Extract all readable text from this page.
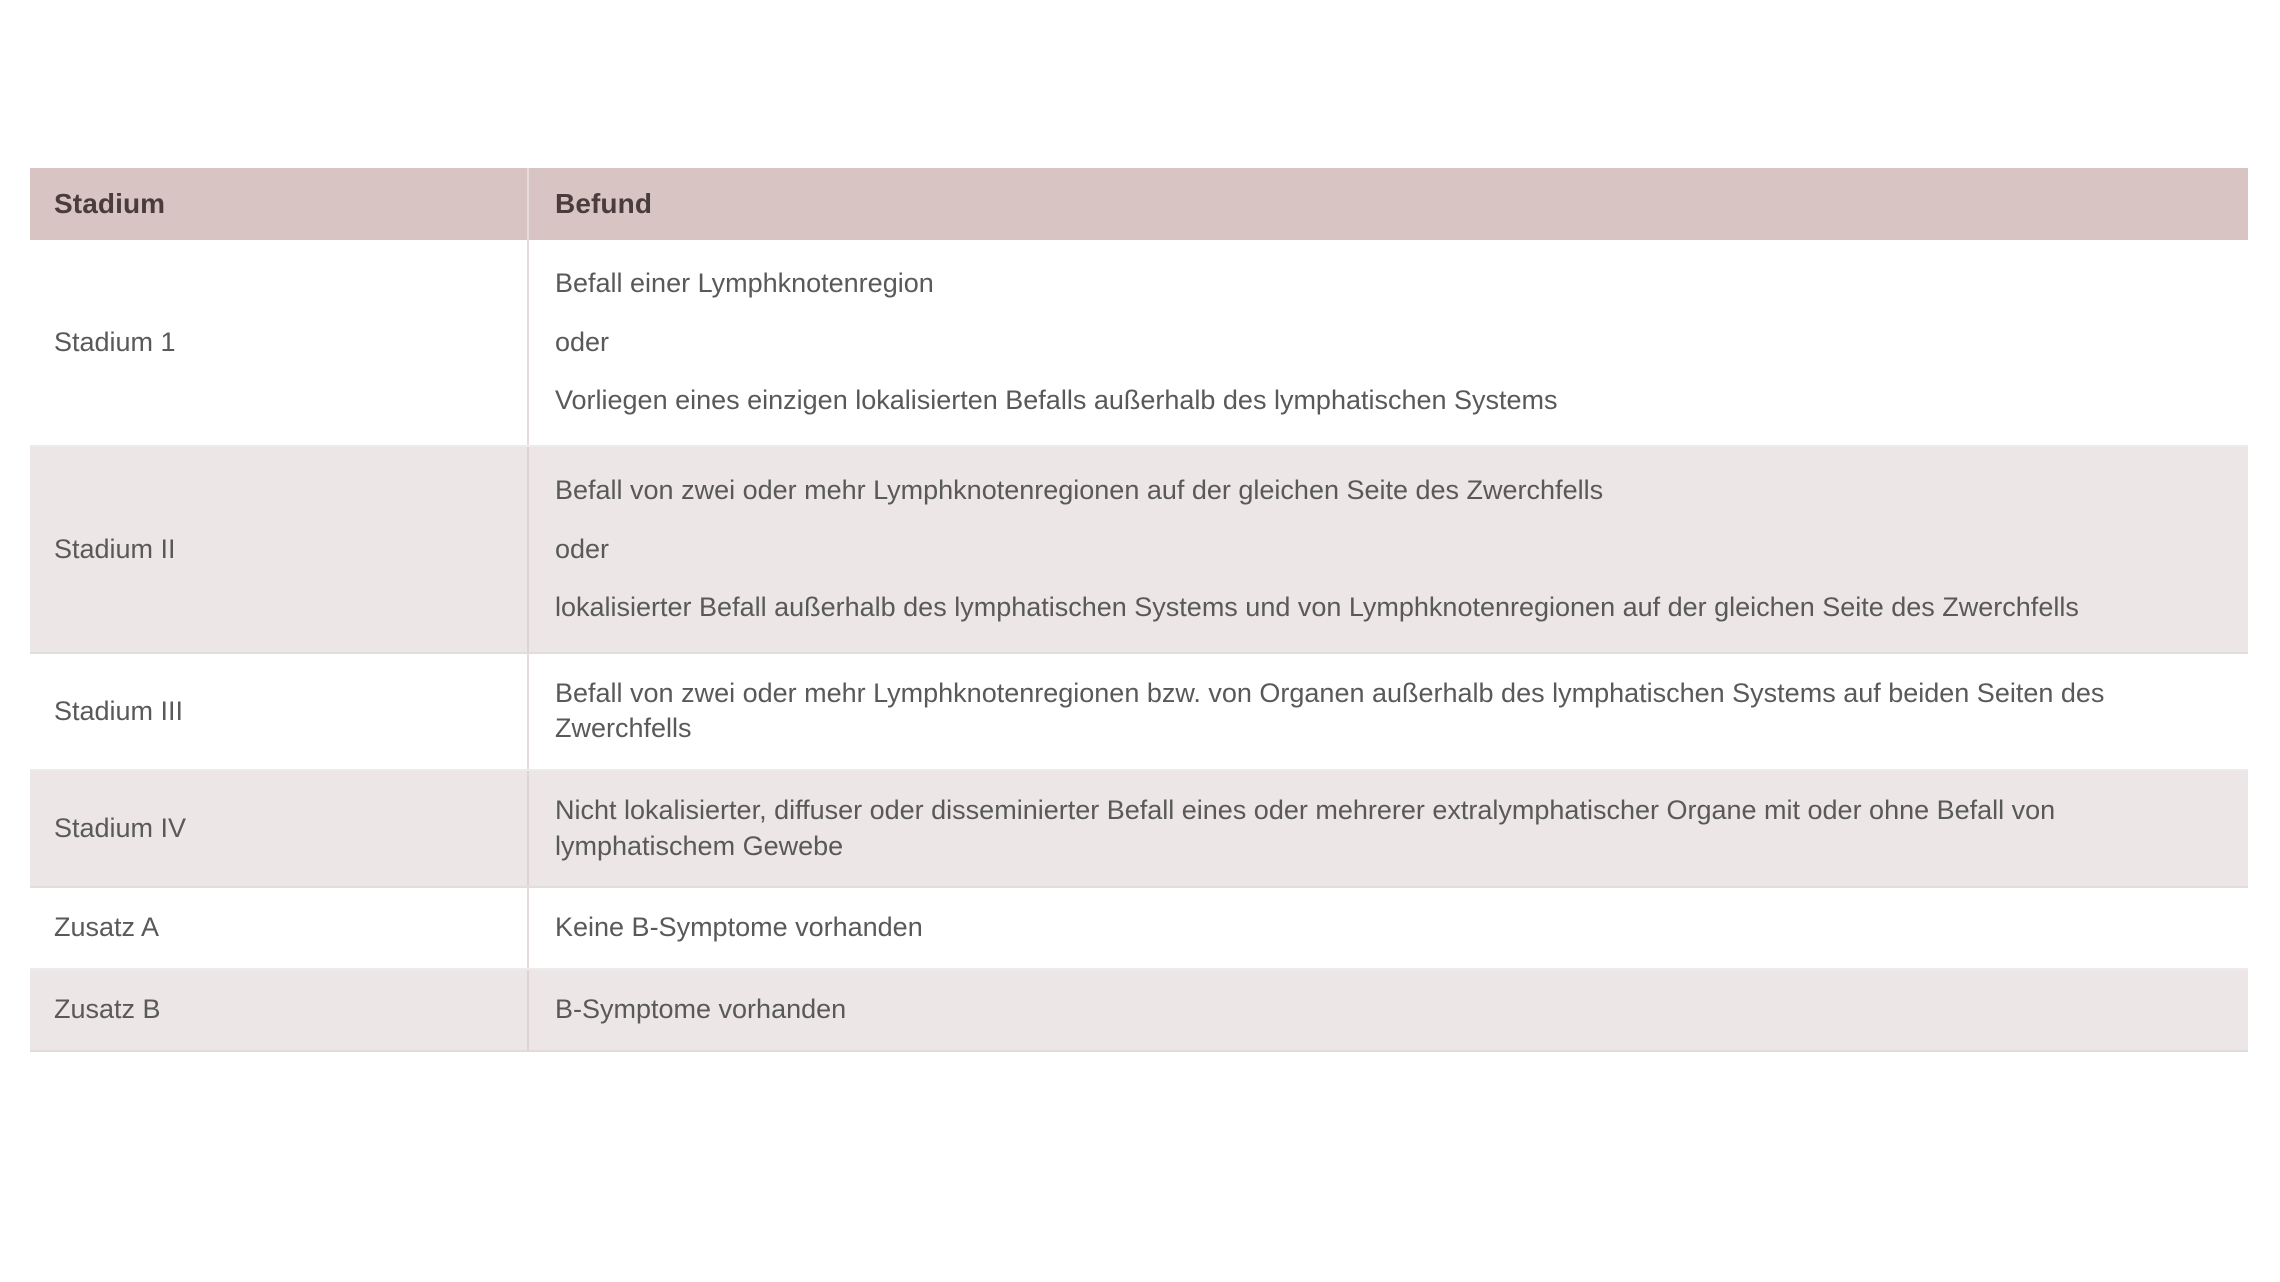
Stadium	Befund
Stadium 1	Befall einer Lymphknotenregion

oder

Vorliegen eines einzigen lokalisierten Befalls außerhalb des lymphatischen Systems

Stadium II	Befall von zwei oder mehr Lymphknotenregionen auf der gleichen Seite des Zwerchfells

oder

lokalisierter Befall außerhalb des lymphatischen Systems und von Lymphknotenregionen auf der gleichen Seite des Zwerchfells

Stadium III	Befall von zwei oder mehr Lymphknotenregionen bzw. von Organen außerhalb des lymphatischen Systems auf beiden Seiten des Zwerchfells

Stadium IV	Nicht lokalisierter, diffuser oder disseminierter Befall eines oder mehrerer extralymphatischer Organe mit oder ohne Befall von lymphatischem Gewebe

Zusatz A	Keine B-Symptome vorhanden

Zusatz B	B-Symptome vorhanden
